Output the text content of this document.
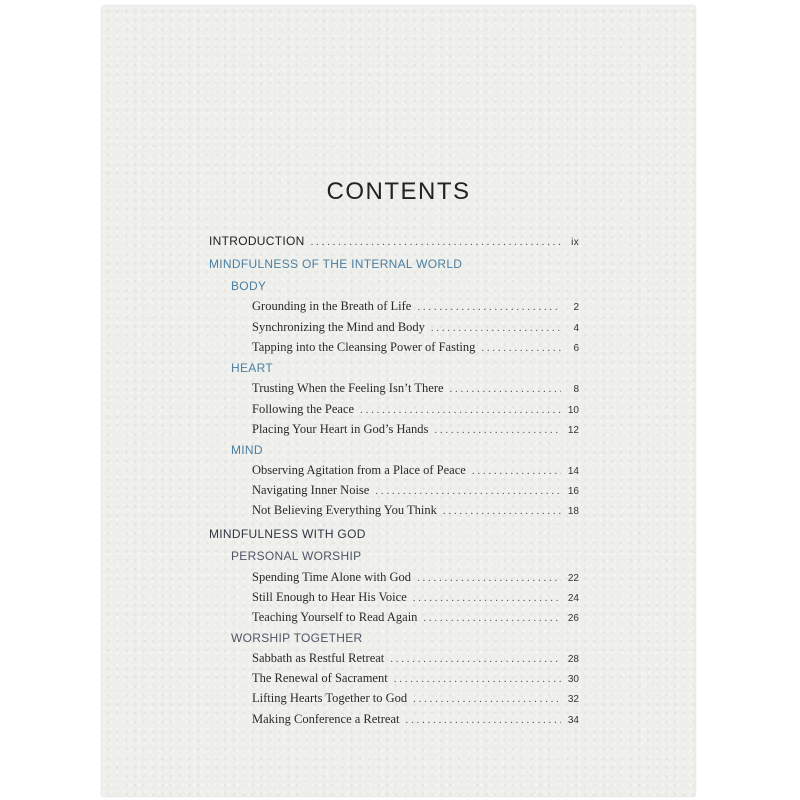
CONTENTS
INTRODUCTION . . .	ix
MINDFULNESS OF THE INTERNAL WORLD
BODY
Grounding in the Breath of Life . . .	2
Synchronizing the Mind and Body . . .	4
Tapping into the Cleansing Power of Fasting . . .	6
HEART
Trusting When the Feeling Isn’t There . . .	8
Following the Peace . . .	10
Placing Your Heart in God’s Hands . . .	12
MIND
Observing Agitation from a Place of Peace . . .	14
Navigating Inner Noise . . .	16
Not Believing Everything You Think . . .	18
MINDFULNESS WITH GOD
PERSONAL WORSHIP
Spending Time Alone with God . . .	22
Still Enough to Hear His Voice . . .	24
Teaching Yourself to Read Again . . .	26
WORSHIP TOGETHER
Sabbath as Restful Retreat . . .	28
The Renewal of Sacrament . . .	30
Lifting Hearts Together to God . . .	32
Making Conference a Retreat . . .	34
